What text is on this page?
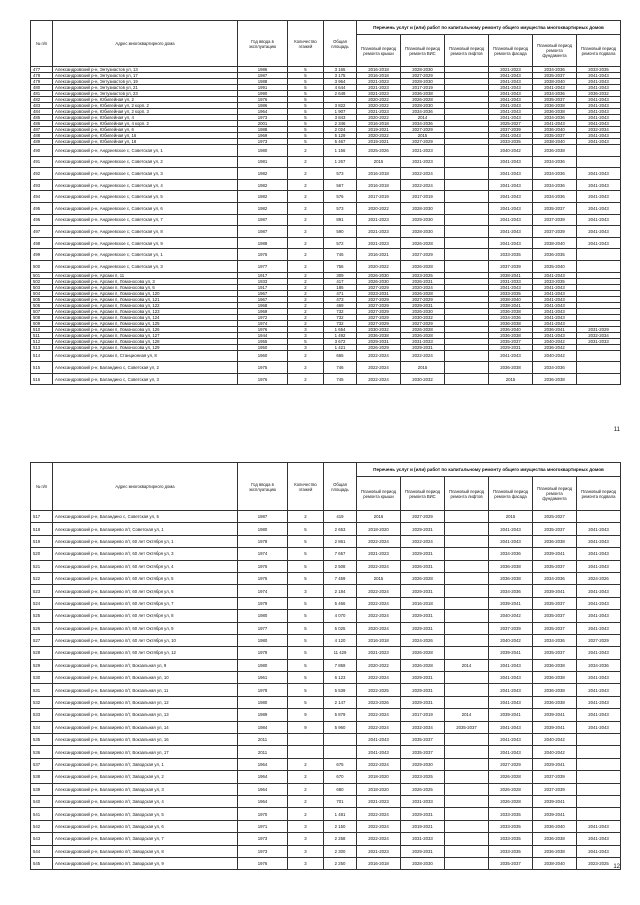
№ п/п	Адрес многоквартирного дома	Год ввода в эксплуатацию	Количество этажей	Общая площадь	Перечень услуг и (или) работ по капитальному ремонту общего имущества многоквартирных домов					
					Плановый период ремонта крыши	Плановый период ремонта ВИС	Плановый период ремонта лифтов	Плановый период ремонта фасада	Плановый период ремонта фундамента	Плановый период ремонта подвала
477	Александровский р-н, Энтузиастов ул, 13	1986	5	3 165	2016-2018	2028-2030		2021-2023	2034-2036	2033-2035
478	Александровский р-н, Энтузиастов ул, 17	1987	5	3 175	2016-2018	2027-2029		2041-2043	2035-2037	2041-2043
479	Александровский р-н, Энтузиастов ул, 19	1988	5	3 964	2021-2023	2028-2030		2041-2043	2038-2040	2041-2043
480	Александровский р-н, Энтузиастов ул, 21	1991	5	4 644	2021-2023	2017-2019		2041-2043	2041-2043	2041-2043
481	Александровский р-н, Энтузиастов ул, 23	1990	5	2 649	2021-2023	2036-2038		2041-2043	2034-2036	2036-2032
482	Александровский р-н, Юбилейная ул, 2	1976	5		2020-2022	2026-2028		2041-2043	2035-2037	2041-2043
483	Александровский р-н, Юбилейная ул, 2 корп. 2	1986	5	3 822	2020-2022	2028-2030		2041-2043	2036-2038	2041-2043
484	Александровский р-н, Юбилейная ул, 2 корп. 3	1964	5	1 907	2021-2023	2034-2036		2041-2043	2036-2038	2041-2043
485	Александровский р-н, Юбилейная ул, 4	1973	5	3 843	2020-2022	2014		2041-2043	2034-2036	2041-2043
486	Александровский р-н, Юбилейная ул, 4 корп. 2	2001	5	2 346	2016-2018	2034-2036		2025-2027	2041-2043	2041-2043
487	Александровский р-н, Юбилейная ул, 6	1988	5	2 024	2019-2021	2027-2029		2037-2039	2036-2040	2032-2034
488	Александровский р-н, Юбилейная ул, 16	1969	5	5 129	2020-2022	2015		2041-2043	2035-2037	2041-2043
489	Александровский р-н, Юбилейная ул, 18	1973	5	5 467	2019-2021	2027-2029		2033-2035	2038-2040	2041-2043
490	Александровский р-н, Андреевское с, Советская ул, 1	1980	2	1 156	2025-2026	2021-2023		2040-2042	2036-2038	
491	Александровский р-н, Андреевское с, Советская ул, 2	1981	2	1 267	2015	2021-2023		2041-2043	2034-2036	
492	Александровский р-н, Андреевское с, Советская ул, 3	1982	2	573	2016-2018	2022-2024		2041-2043	2034-2036	2041-2043
493	Александровский р-н, Андреевское с, Советская ул, 4	1982	2	567	2016-2018	2022-2024		2041-2043	2034-2036	2041-2043
494	Александровский р-н, Андреевское с, Советская ул, 5	1982	2	576	2017-2019	2017-2019		2041-2043	2034-2036	2041-2043
495	Александровский р-н, Андреевское с, Советская ул, 6	1982	2	573	2020-2022	2028-2030		2041-2043	2035-2037	2041-2043
496	Александровский р-н, Андреевское с, Советская ул, 7	1987	2	891	2021-2023	2029-2030		2041-2043	2037-2039	2041-2043
497	Александровский р-н, Андреевское с, Советская ул, 8	1987	2	590	2021-2023	2028-2030		2041-2043	2037-2039	2041-2043
498	Александровский р-н, Андреевское с, Советская ул, 9	1988	2	572	2021-2023	2026-2028		2041-2043	2038-2040	2041-2043
499	Александровский р-н, Андреевское с, Советская ул, 1	1976	2	745	2016-2021	2027-2029		2033-2035	2036-2035	
500	Александровский р-н, Андреевское с, Советская ул, 3	1977	2	756	2020-2022	2026-2028		2037-2039	2035-2040	
501	Александровский р-н, Арсаки п, 11	1917	2	309	2026-2030	2023-2025		2038-2041	2041-2043	
502	Александровский р-н, Арсаки п, Ломоносова ул, 3	1933	2	417	2026-2030	2026-2031		2031-2033	2033-2035	
503	Александровский р-н, Арсаки п, Ломоносова ул, 6	1917	2	185	2027-2029	2020-2024		2041-2043	2041-2043	
504	Александровский р-н, Арсаки п, Ломоносова ул, 120	1967	2	471	2023-2031	2026-2028		2033-2035	2041-2043	
505	Александровский р-н, Арсаки п, Ломоносова ул, 121	1967	2	473	2027-2029	2027-2029		2038-2040	2041-2043	
506	Александровский р-н, Арсаки п, Ломоносова ул, 122	1968	2	469	2027-2029	2029-2031		2038-2041	2041-2043	
507	Александровский р-н, Арсаки п, Ломоносова ул, 123	1969	2	732	2027-2029	2026-2030		2036-2038	2041-2043	
508	Александровский р-н, Арсаки п, Ломоносова ул, 124	1972	2	732	2027-2029	2030-2032		2034-2036	2041-2043	
509	Александровский р-н, Арсаки п, Ломоносова ул, 125	1974	2	732	2027-2029	2027-2029		2036-2038	2041-2043	
510	Александровский р-н, Арсаки п, Ломоносова ул, 126	1976	3	1 654	2030-2032	2026-2028		2036-2040	2036-2041	2031-2029
511	Александровский р-н, Арсаки п, Ломоносова ул, 127	1944	3	1 492	2036-2038	2026-2028		2036-2038	2041-2043	2032-2034
512	Александровский р-н, Арсаки п, Ломоносова ул, 128	1955	5	3 672	2029-2031	2031-2033		2035-2037	2040-2042	2031-2033
513	Александровский р-н, Арсаки п, Ломоносова ул, 129	1950	3	1 421	2026-2029	2029-2031		2029-2031	2036-2042	
514	Александровский р-н, Арсаки п, Станционная ул, 8	1960	2	665	2022-2024	2022-2024		2041-2043	2040-2042	
515	Александровский р-н, Баландино с, Советская ул, 2	1975	2	746	2022-2024	2015		2036-2038	2034-2036	
516	Александровский р-н, Баландино с, Советская ул, 3	1976	2	745	2022-2024	2030-2032		2015	2036-2038	
11
№ п/п	Адрес многоквартирного дома	Год ввода в эксплуатацию	Количество этажей	Общая площадь	Перечень услуг и (или) работ по капитальному ремонту общего имущества многоквартирных домов					
					Плановый период ремонта крыши	Плановый период ремонта ВИС	Плановый период ремонта лифтов	Плановый период ремонта фасада	Плановый период ремонта фундамента	Плановый период ремонта подвала
517	Александровский р-н, Баландино с, Советская ул, 5	1987	2	419	2016	2027-2029		2015	2025-2027	
518	Александровский р-н, Балахирево п/т, Советская ул, 1	1980	5	2 653	2018-2020	2029-2031		2041-2043	2035-2037	2041-2043
519	Александровский р-н, Балахирево п/т, 60 лет Октября ул, 1	1978	5	2 861	2022-2024	2022-2024		2041-2043	2036-2038	2041-2043
520	Александровский р-н, Балахирево п/т, 60 лет Октября ул, 3	1974	5	7 657	2021-2023	2029-2031		2034-2036	2039-2041	2041-2043
521	Александровский р-н, Балахирево п/т, 60 лет Октября ул, 4	1976	5	2 508	2022-2024	2026-2031		2036-2038	2035-2037	2041-2043
522	Александровский р-н, Балахирево п/т, 60 лет Октября ул, 5	1976	5	7 459	2015	2026-2028		2036-2038	2034-2036	2024-2026
523	Александровский р-н, Балахирево п/т, 60 лет Октября ул, 6	1974	3	2 184	2022-2024	2029-2031		2034-2036	2039-2041	2041-2043
524	Александровский р-н, Балахирево п/т, 60 лет Октября ул, 7	1979	5	5 466	2022-2024	2016-2018		2039-2041	2035-2037	2041-2043
525	Александровский р-н, Балахирево п/т, 60 лет Октября ул, 8	1980	5	4 070	2022-2024	2029-2031		2040-2042	2035-2037	2041-2043
526	Александровский р-н, Балахирево п/т, 60 лет Октября ул, 9	1977	5	5 025	2020-2024	2029-2031		2037-2039	2035-2037	2041-2043
527	Александровский р-н, Балахирево п/т, 60 лет Октября ул, 10	1980	5	4 120	2016-2018	2024-2026		2040-2042	2034-2036	2027-2029
528	Александровский р-н, Балахирево п/т, 60 лет Октября ул, 12	1979	5	11 429	2021-2023	2026-2028		2039-2041	2035-2037	2041-2043
529	Александровский р-н, Балахирево п/т, Вокзальная ул, 9	1980	5	7 859	2020-2022	2026-2028	2014	2041-2043	2036-2038	2034-2036
530	Александровский р-н, Балахирево п/т, Вокзальная ул, 10	1961	5	6 123	2022-2024	2029-2031		2041-2043	2036-2038	2041-2043
531	Александровский р-н, Балахирево п/т, Вокзальная ул, 11	1978	5	5 539	2022-2025	2029-2031		2041-2043	2036-2038	2041-2043
532	Александровский р-н, Балахирево п/т, Вокзальная ул, 12	1980	5	2 147	2023-2026	2029-2031		2041-2043	2036-2038	2041-2043
533	Александровский р-н, Балахирево п/т, Вокзальная ул, 13	1989	9	5 879	2022-2024	2017-2019	2014	2039-2041	2039-2041	2041-2043
534	Александровский р-н, Балахирево п/т, Вокзальная ул, 14	1984	9	5 960	2022-2024	2032-2034	2035-2037	2041-2043	2039-2041	2041-2043
535	Александровский р-н, Балахирево п/т, Вокзальная ул, 16	2011			2041-2043	2035-2037		2041-2043	2040-2042	
536	Александровский р-н, Балахирево п/т, Вокзальная ул, 17	2011			2041-2043	2035-2037		2041-2043	2040-2042	
537	Александровский р-н, Балахирево п/т, Заводская ул, 1	1964	2	675	2022-2024	2029-2030		2027-2029	2029-2041	
538	Александровский р-н, Балахирево п/т, Заводская ул, 2	1964	2	670	2018-2020	2023-2025		2026-2028	2037-2039	
539	Александровский р-н, Балахирево п/т, Заводская ул, 3	1964	2	680	2018-2020	2026-2025		2026-2028	2037-2039	
540	Александровский р-н, Балахирево п/т, Заводская ул, 4	1964	2	701	2021-2023	2031-2033		2026-2028	2039-2041	
541	Александровский р-н, Балахирево п/т, Заводская ул, 5	1970	2	1 481	2022-2024	2029-2031		2033-2035	2039-2041	
542	Александровский р-н, Балахирево п/т, Заводская ул, 6	1971	3	2 150	2022-2024	2019-2021		2033-2035	2036-2040	2041-2043
543	Александровский р-н, Балахирево п/т, Заводская ул, 7	1973	3	2 258	2022-2024	2031-2033		2033-2035	2036-2038	2041-2043
544	Александровский р-н, Балахирево п/т, Заводская ул, 8	1973	3	2 300	2021-2023	2029-2031		2033-2035	2036-2038	2041-2043
545	Александровский р-н, Балахирево п/т, Заводская ул, 9	1976	3	2 250	2016-2018	2028-2030		2035-2037	2038-2040	2023-2025
12
